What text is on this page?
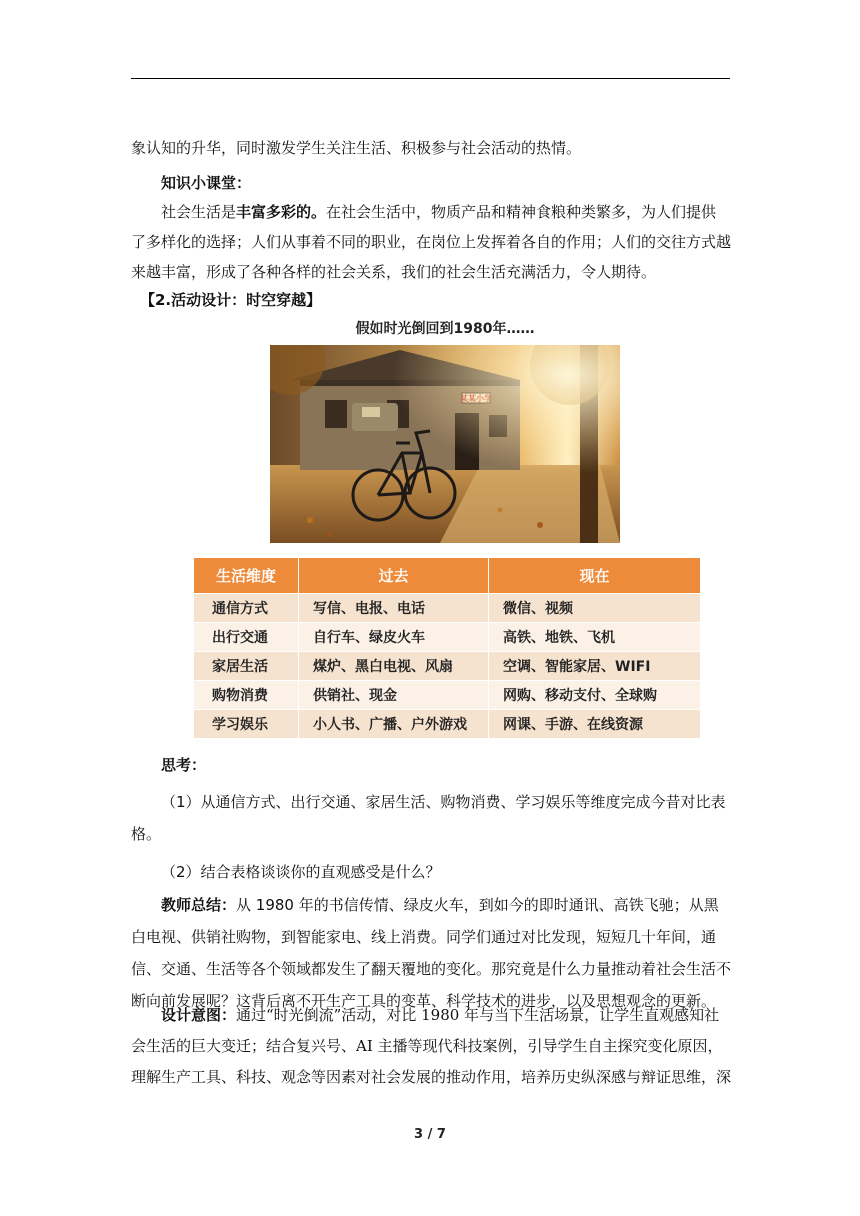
象认知的升华，同时激发学生关注生活、积极参与社会活动的热情。

知识小课堂：

社会生活是丰富多彩的。在社会生活中，物质产品和精神食粮种类繁多，为人们提供了多样化的选择；人们从事着不同的职业，在岗位上发挥着各自的作用；人们的交往方式越来越丰富，形成了各种各样的社会关系，我们的社会生活充满活力，令人期待。

【2.活动设计：时空穿越】

假如时光倒回到1980年……
生活维度	过去	现在
通信方式	写信、电报、电话	微信、视频
出行交通	自行车、绿皮火车	高铁、地铁、飞机
家居生活	煤炉、黑白电视、风扇	空调、智能家居、WIFI
购物消费	供销社、现金	网购、移动支付、全球购
学习娱乐	小人书、广播、户外游戏	网课、手游、在线资源

思考：

（1）从通信方式、出行交通、家居生活、购物消费、学习娱乐等维度完成今昔对比表格。

（2）结合表格谈谈你的直观感受是什么？

教师总结：从 1980 年的书信传情、绿皮火车，到如今的即时通讯、高铁飞驰；从黑白电视、供销社购物，到智能家电、线上消费。同学们通过对比发现，短短几十年间，通信、交通、生活等各个领域都发生了翻天覆地的变化。那究竟是什么力量推动着社会生活不断向前发展呢？这背后离不开生产工具的变革、科学技术的进步，以及思想观念的更新。

设计意图：通过“时光倒流”活动，对比 1980 年与当下生活场景，让学生直观感知社会生活的巨大变迁；结合复兴号、AI 主播等现代科技案例，引导学生自主探究变化原因，理解生产工具、科技、观念等因素对社会发展的推动作用，培养历史纵深感与辩证思维，深

3 / 7
